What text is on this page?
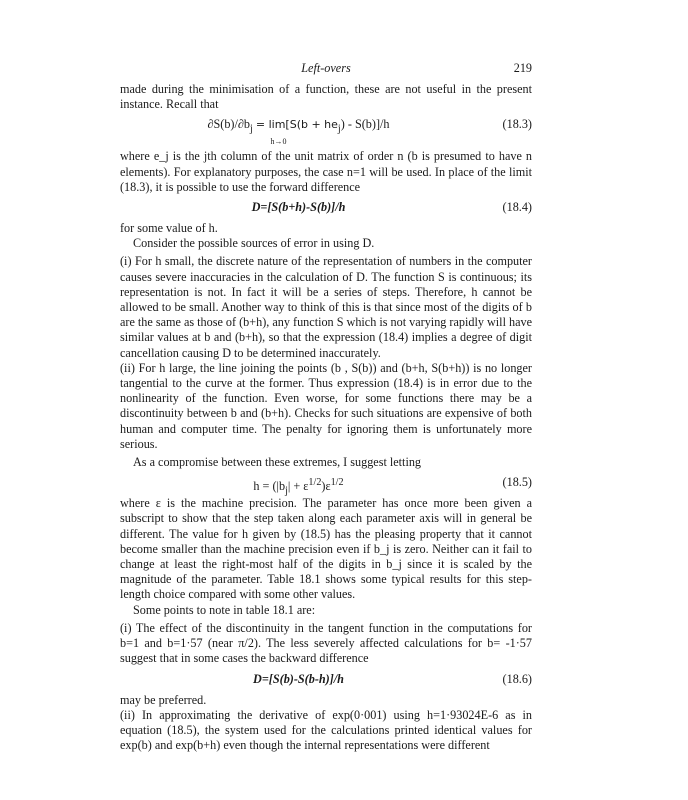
Left-overs	219

made during the minimisation of a function, these are not useful in the present instance. Recall that

$\partial S(b)/\partial b_j = \lim[S(b + he_j) - S(b)]/h$
h→0
(18.3)

where e_j is the jth column of the unit matrix of order n (b is presumed to have n elements). For explanatory purposes, the case n=1 will be used. In place of the limit (18.3), it is possible to use the forward difference

D=[S(b+h)-S(b)]/h	(18.4)

for some value of h.

Consider the possible sources of error in using D.

(i) For h small, the discrete nature of the representation of numbers in the computer causes severe inaccuracies in the calculation of D. The function S is continuous; its representation is not. In fact it will be a series of steps. Therefore, h cannot be allowed to be small. Another way to think of this is that since most of the digits of b are the same as those of (b+h), any function S which is not varying rapidly will have similar values at b and (b+h), so that the expression (18.4) implies a degree of digit cancellation causing D to be determined inaccurately.

(ii) For h large, the line joining the points (b , S(b)) and (b+h, S(b+h)) is no longer tangential to the curve at the former. Thus expression (18.4) is in error due to the nonlinearity of the function. Even worse, for some functions there may be a discontinuity between b and (b+h). Checks for such situations are expensive of both human and computer time. The penalty for ignoring them is unfortunately more serious.

As a compromise between these extremes, I suggest letting

$h = (|b_j| + \varepsilon^{1/2})\varepsilon^{1/2}$	(18.5)

where ε is the machine precision. The parameter has once more been given a subscript to show that the step taken along each parameter axis will in general be different. The value for h given by (18.5) has the pleasing property that it cannot become smaller than the machine precision even if b_j is zero. Neither can it fail to change at least the right-most half of the digits in b_j since it is scaled by the magnitude of the parameter. Table 18.1 shows some typical results for this step-length choice compared with some other values.

Some points to note in table 18.1 are:

(i) The effect of the discontinuity in the tangent function in the computations for b=1 and b=1·57 (near π/2). The less severely affected calculations for b= -1·57 suggest that in some cases the backward difference

D=[S(b)-S(b-h)]/h	(18.6)

may be preferred.

(ii) In approximating the derivative of exp(0·001) using h=1·93024E-6 as in equation (18.5), the system used for the calculations printed identical values for exp(b) and exp(b+h) even though the internal representations were different
